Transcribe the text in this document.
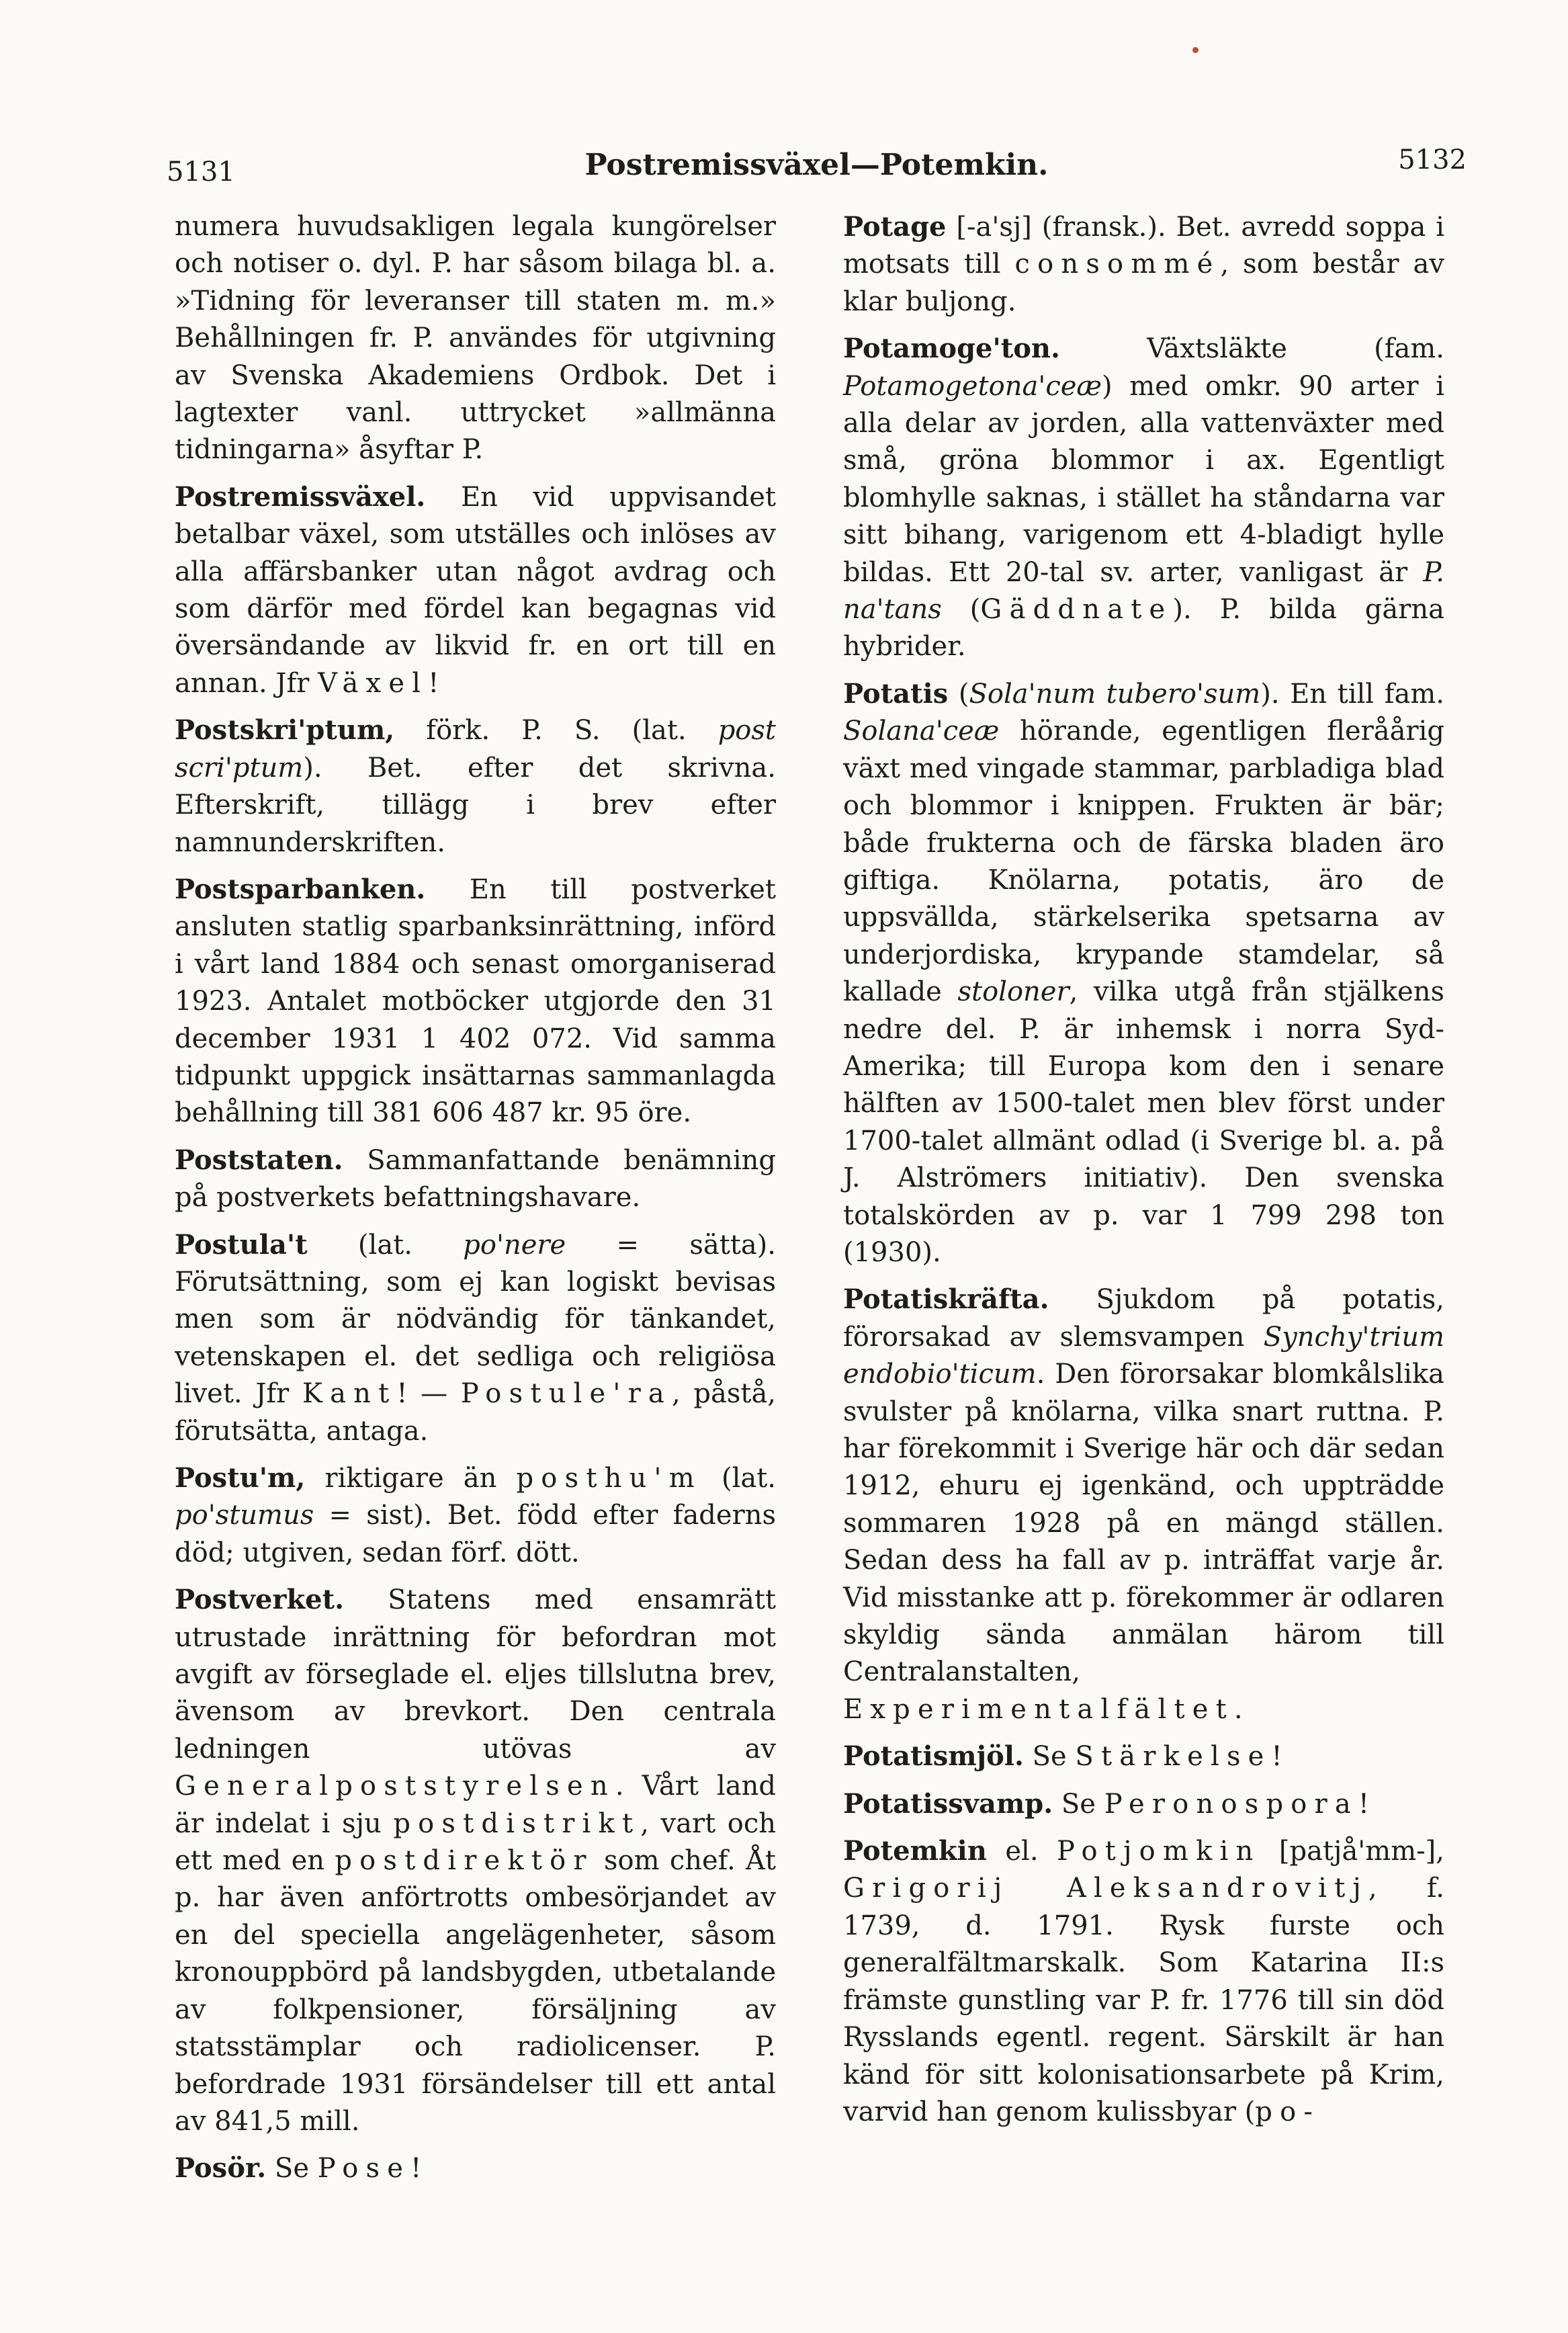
5131	Postremissväxel—Potemkin.	5132

numera huvudsakligen legala kungörelser och notiser o. dyl. P. har såsom bilaga bl. a. »Tidning för leveranser till staten m. m.» Behållningen fr. P. användes för utgivning av Svenska Akademiens Ordbok. Det i lagtexter vanl. uttrycket »allmänna tidningarna» åsyftar P.

Postremissväxel. En vid uppvisandet betalbar växel, som utställes och inlöses av alla affärsbanker utan något avdrag och som därför med fördel kan begagnas vid översändande av likvid fr. en ort till en annan. Jfr Växel!

Postskri'ptum, förk. P. S. (lat. post scri'ptum). Bet. efter det skrivna. Efterskrift, tillägg i brev efter namnunderskriften.

Postsparbanken. En till postverket ansluten statlig sparbanksinrättning, införd i vårt land 1884 och senast omorganiserad 1923. Antalet motböcker utgjorde den 31 december 1931 1 402 072. Vid samma tidpunkt uppgick insättarnas sammanlagda behållning till 381 606 487 kr. 95 öre.

Poststaten. Sammanfattande benämning på postverkets befattningshavare.

Postula't (lat. po'nere = sätta). Förutsättning, som ej kan logiskt bevisas men som är nödvändig för tänkandet, vetenskapen el. det sedliga och religiösa livet. Jfr Kant! — Postule'ra, påstå, förutsätta, antaga.

Postu'm, riktigare än posthu'm (lat. po'stumus = sist). Bet. född efter faderns död; utgiven, sedan förf. dött.

Postverket. Statens med ensamrätt utrustade inrättning för befordran mot avgift av förseglade el. eljes tillslutna brev, ävensom av brevkort. Den centrala ledningen utövas av Generalpoststyrelsen. Vårt land är indelat i sju postdistrikt, vart och ett med en postdirektör som chef. Åt p. har även anförtrotts ombesörjandet av en del speciella angelägenheter, såsom kronouppbörd på landsbygden, utbetalande av folkpensioner, försäljning av statsstämplar och radiolicenser. P. befordrade 1931 försändelser till ett antal av 841,5 mill.

Posör. Se Pose!

Potage [-a'sj] (fransk.). Bet. avredd soppa i motsats till consommé, som består av klar buljong.

Potamoge'ton. Växtsläkte (fam. Potamogetona'ceæ) med omkr. 90 arter i alla delar av jorden, alla vattenväxter med små, gröna blommor i ax. Egentligt blomhylle saknas, i stället ha ståndarna var sitt bihang, varigenom ett 4-bladigt hylle bildas. Ett 20-tal sv. arter, vanligast är P. na'tans (Gäddnate). P. bilda gärna hybrider.

Potatis (Sola'num tubero'sum). En till fam. Solana'ceæ hörande, egentligen fleråårig växt med vingade stammar, parbladiga blad och blommor i knippen. Frukten är bär; både frukterna och de färska bladen äro giftiga. Knölarna, potatis, äro de uppsvällda, stärkelserika spetsarna av underjordiska, krypande stamdelar, så kallade stoloner, vilka utgå från stjälkens nedre del. P. är inhemsk i norra Syd-Amerika; till Europa kom den i senare hälften av 1500-talet men blev först under 1700-talet allmänt odlad (i Sverige bl. a. på J. Alströmers initiativ). Den svenska totalskörden av p. var 1 799 298 ton (1930).

Potatiskräfta. Sjukdom på potatis, förorsakad av slemsvampen Synchy'trium endobio'ticum. Den förorsakar blomkålslika svulster på knölarna, vilka snart ruttna. P. har förekommit i Sverige här och där sedan 1912, ehuru ej igenkänd, och uppträdde sommaren 1928 på en mängd ställen. Sedan dess ha fall av p. inträffat varje år. Vid misstanke att p. förekommer är odlaren skyldig sända anmälan härom till Centralanstalten, Experimentalfältet.

Potatismjöl. Se Stärkelse!

Potatissvamp. Se Peronospora!

Potemkin el. Potjomkin [patjå'mm-], Grigorij Aleksandrovitj, f. 1739, d. 1791. Rysk furste och generalfältmarskalk. Som Katarina II:s främste gunstling var P. fr. 1776 till sin död Rysslands egentl. regent. Särskilt är han känd för sitt kolonisationsarbete på Krim, varvid han genom kulissbyar (po-
